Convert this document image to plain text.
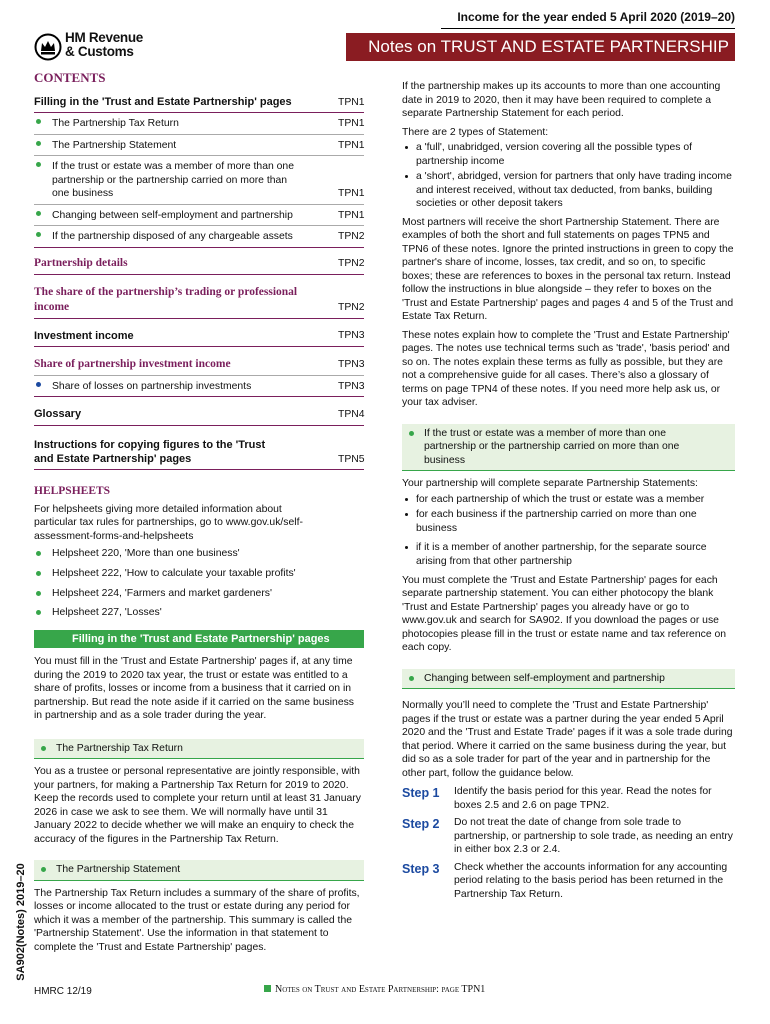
Income for the year ended 5 April 2020 (2019–20)
HM Revenue
& Customs	Notes on TRUST AND ESTATE PARTNERSHIP
CONTENTS
Filling in the 'Trust and Estate Partnership' pages	TPN1
The Partnership Tax Return	TPN1
The Partnership Statement	TPN1
If the trust or estate was a member of more than one partnership or the partnership carried on more than one business	TPN1
Changing between self-employment and partnership	TPN1
If the partnership disposed of any chargeable assets	TPN2
Partnership details	TPN2
The share of the partnership’s trading or professional income	TPN2
Investment income	TPN3
Share of partnership investment income	TPN3
Share of losses on partnership investments	TPN3
Glossary	TPN4
Instructions for copying figures to the 'Trust and Estate Partnership' pages	TPN5
HELPSHEETS

For helpsheets giving more detailed information about particular tax rules for partnerships, go to www.gov.uk/self-assessment-forms-and-helpsheets

Helpsheet 220, 'More than one business'
Helpsheet 222, 'How to calculate your taxable profits'
Helpsheet 224, 'Farmers and market gardeners'
Helpsheet 227, 'Losses'
Filling in the 'Trust and Estate Partnership' pages

You must fill in the 'Trust and Estate Partnership' pages if, at any time during the 2019 to 2020 tax year, the trust or estate was entitled to a share of profits, losses or income from a business that it carried on in partnership. But read the note aside if it carried on the same business in partnership and as a sole trader during the year.

The Partnership Tax Return

You as a trustee or personal representative are jointly responsible, with your partners, for making a Partnership Tax Return for 2019 to 2020. Keep the records used to complete your return until at least 31 January 2026 in case we ask to see them. We will normally have until 31 January 2022 to decide whether we will make an enquiry to check the accuracy of the figures in the Partnership Tax Return.

The Partnership Statement

The Partnership Tax Return includes a summary of the share of profits, losses or income allocated to the trust or estate during any period for which it was a member of the partnership. This summary is called the 'Partnership Statement'. Use the information in that statement to complete the 'Trust and Estate Partnership' pages.

If the partnership makes up its accounts to more than one accounting date in 2019 to 2020, then it may have been required to complete a separate Partnership Statement for each period.

There are 2 types of Statement:

a 'full', unabridged, version covering all the possible types of partnership income
a 'short', abridged, version for partners that only have trading income and interest received, without tax deducted, from banks, building societies or other deposit takers

Most partners will receive the short Partnership Statement. There are examples of both the short and full statements on pages TPN5 and TPN6 of these notes. Ignore the printed instructions in green to copy the partner's share of income, losses, tax credit, and so on, to specific boxes; these are references to boxes in the personal tax return. Instead follow the instructions in blue alongside – they refer to boxes on the 'Trust and Estate Partnership' pages and pages 4 and 5 of the Trust and Estate Tax Return.

These notes explain how to complete the 'Trust and Estate Partnership' pages. The notes use technical terms such as 'trade', 'basis period' and so on. The notes explain these terms as fully as possible, but they are not a comprehensive guide for all cases. There’s also a glossary of terms on page TPN4 of these notes. If you need more help ask us, or your tax adviser.

If the trust or estate was a member of more than one partnership or the partnership carried on more than one business

Your partnership will complete separate Partnership Statements:

for each partnership of which the trust or estate was a member
for each business if the partnership carried on more than one business
if it is a member of another partnership, for the separate source arising from that other partnership

You must complete the 'Trust and Estate Partnership' pages for each separate partnership statement. You can either photocopy the blank 'Trust and Estate Partnership' pages you already have or go to www.gov.uk and search for SA902. If you download the pages or use photocopies please fill in the trust or estate name and tax reference on each copy.

Changing between self-employment and partnership

Normally you’ll need to complete the 'Trust and Estate Partnership' pages if the trust or estate was a partner during the year ended 5 April 2020 and the 'Trust and Estate Trade' pages if it was a sole trade during that period. Where it carried on the same business during the year, but did so as a sole trader for part of the year and in partnership for the other part, follow the guidance below.

Step 1	Identify the basis period for this year. Read the notes for boxes 2.5 and 2.6 on page TPN2.
Step 2	Do not treat the date of change from sole trade to partnership, or partnership to sole trade, as needing an entry in either box 2.3 or 2.4.
Step 3	Check whether the accounts information for any accounting period relating to the basis period has been returned in the Partnership Tax Return.
SA902(Notes) 2019–20
HMRC 12/19	Notes on Trust and Estate Partnership: page TPN1
